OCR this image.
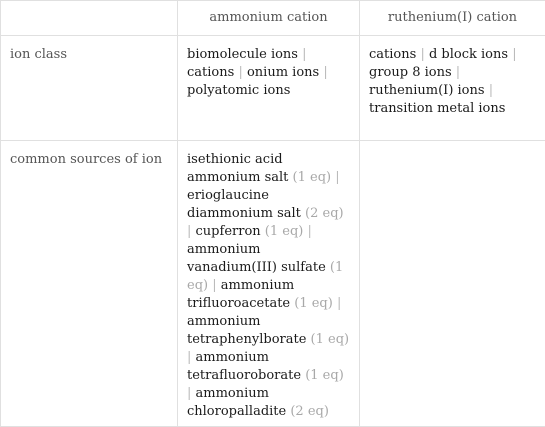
	ammonium cation	ruthenium(I) cation
ion class	biomolecule ions | cations | onium ions | polyatomic ions	cations | d block ions | group 8 ions | ruthenium(I) ions | transition metal ions
common sources of ion	isethionic acid ammonium salt (1 eq) | erioglaucine diammonium salt (2 eq) | cupferron (1 eq) | ammonium vanadium(III) sulfate (1 eq) | ammonium trifluoroacetate (1 eq) | ammonium tetraphenylborate (1 eq) | ammonium tetrafluoroborate (1 eq) | ammonium chloropalladite (2 eq)	
